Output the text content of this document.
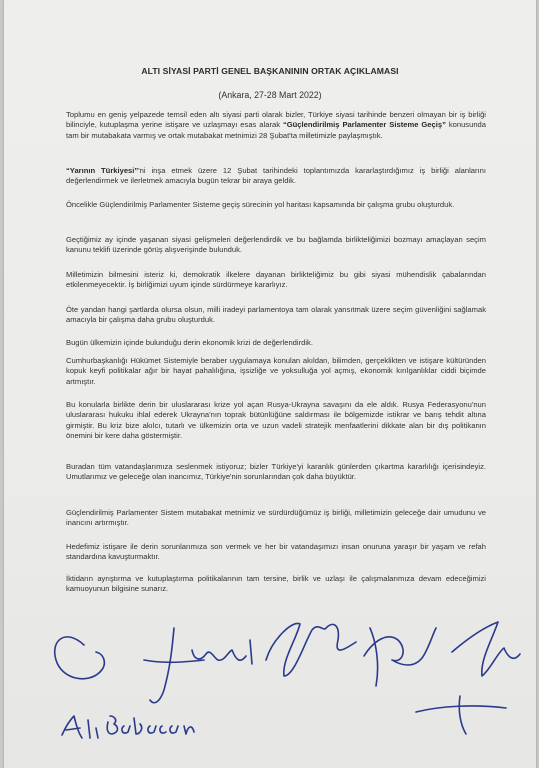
ALTI SİYASİ PARTİ GENEL BAŞKANININ ORTAK AÇIKLAMASI
(Ankara, 27-28 Mart 2022)
Toplumu en geniş yelpazede temsil eden altı siyasi parti olarak bizler, Türkiye siyasi tarihinde benzeri olmayan bir iş birliği bilinciyle, kutuplaşma yerine istişare ve uzlaşmayı esas alarak “Güçlendirilmiş Parlamenter Sisteme Geçiş” konusunda tam bir mutabakata varmış ve ortak mutabakat metnimizi 28 Şubat'ta milletimizle paylaşmıştık.
“Yarının Türkiyesi”'ni inşa etmek üzere 12 Şubat tarihindeki toplantımızda kararlaştırdığımız iş birliği alanlarını değerlendirmek ve ilerletmek amacıyla bugün tekrar bir araya geldik.
Öncelikle Güçlendirilmiş Parlamenter Sisteme geçiş sürecinin yol haritası kapsamında bir çalışma grubu oluşturduk.
Geçtiğimiz ay içinde yaşanan siyasi gelişmeleri değerlendirdik ve bu bağlamda birlikteliğimizi bozmayı amaçlayan seçim kanunu teklifi üzerinde görüş alışverişinde bulunduk.
Milletimizin bilmesini isteriz ki, demokratik ilkelere dayanan birlikteliğimiz bu gibi siyasi mühendislik çabalarından etkilenmeyecektir. İş birliğimizi uyum içinde sürdürmeye kararlıyız.
Öte yandan hangi şartlarda olursa olsun, milli iradeyi parlamentoya tam olarak yansıtmak üzere seçim güvenliğini sağlamak amacıyla bir çalışma daha grubu oluşturduk.
Bugün ülkemizin içinde bulunduğu derin ekonomik krizi de değerlendirdik.
Cumhurbaşkanlığı Hükümet Sistemiyle beraber uygulamaya konulan akıldan, bilimden, gerçeklikten ve istişare kültüründen kopuk keyfi politikalar ağır bir hayat pahalılığına, işsizliğe ve yoksulluğa yol açmış, ekonomik kırılganlıklar ciddi biçimde artmıştır.
Bu konularla birlikte derin bir uluslararası krize yol açan Rusya-Ukrayna savaşını da ele aldık. Rusya Federasyonu'nun uluslararası hukuku ihlal ederek Ukrayna'nın toprak bütünlüğüne saldırması ile bölgemizde istikrar ve barış tehdit altına girmiştir. Bu kriz bize akılcı, tutarlı ve ülkemizin orta ve uzun vadeli stratejik menfaatlerini dikkate alan bir dış politikanın önemini bir kere daha göstermiştir.
Buradan tüm vatandaşlarımıza seslenmek istiyoruz; bizler Türkiye'yi karanlık günlerden çıkartma kararlılığı içerisindeyiz. Umutlarımız ve geleceğe olan inancımız, Türkiye'nin sorunlarından çok daha büyüktür.
Güçlendirilmiş Parlamenter Sistem mutabakat metnimiz ve sürdürdüğümüz iş birliği, milletimizin geleceğe dair umudunu ve inancını artırmıştır.
Hedefimiz istişare ile derin sorunlarımıza son vermek ve her bir vatandaşımızı insan onuruna yaraşır bir yaşam ve refah standardına kavuşturmaktır.
İktidarın ayrıştırma ve kutuplaştırma politikalarının tam tersine, birlik ve uzlaşı ile çalışmalarımıza devam edeceğimizi kamuoyunun bilgisine sunarız.
